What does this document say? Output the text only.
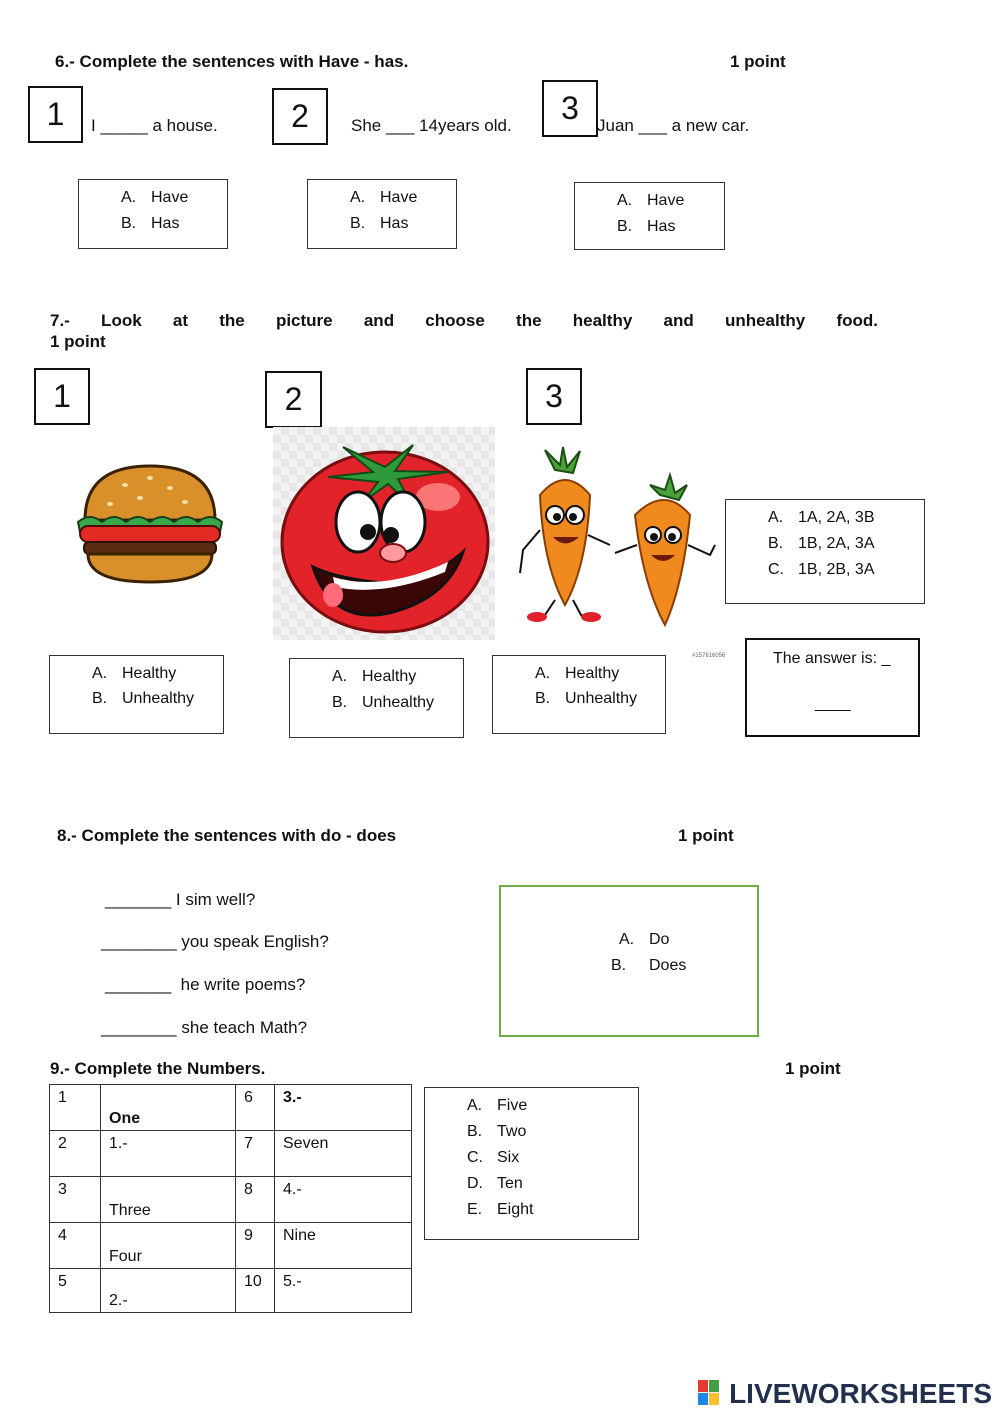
6.- Complete the sentences with Have - has.	1 point
1	I _____ a house.	2	She ___ 14years old.	3	Juan ___ a new car.
A. Have
B. Has
A. Have
B. Has
A. Have
B. Has
7.- Look at the picture and choose the healthy and unhealthy food.
1 point
1	2	3
A. 1A, 2A, 3B
B. 1B, 2A, 3A
C. 1B, 2B, 3A
A. Healthy
B. Unhealthy
A. Healthy
B. Unhealthy
A. Healthy
B. Unhealthy
#157616056	The answer is: _
____
8.- Complete the sentences with do - does	1 point
_______ I sim well?
________ you speak English?
_______ he write poems?
________ she teach Math?
A. Do
B. Does
9.- Complete the Numbers.	1 point
1	One	6	3.-
2	1.-	7	Seven
3	Three	8	4.-
4	Four	9	Nine
5	2.-	10	5.-
A. Five
B. Two
C. Six
D. Ten
E. Eight
LIVEWORKSHEETS
